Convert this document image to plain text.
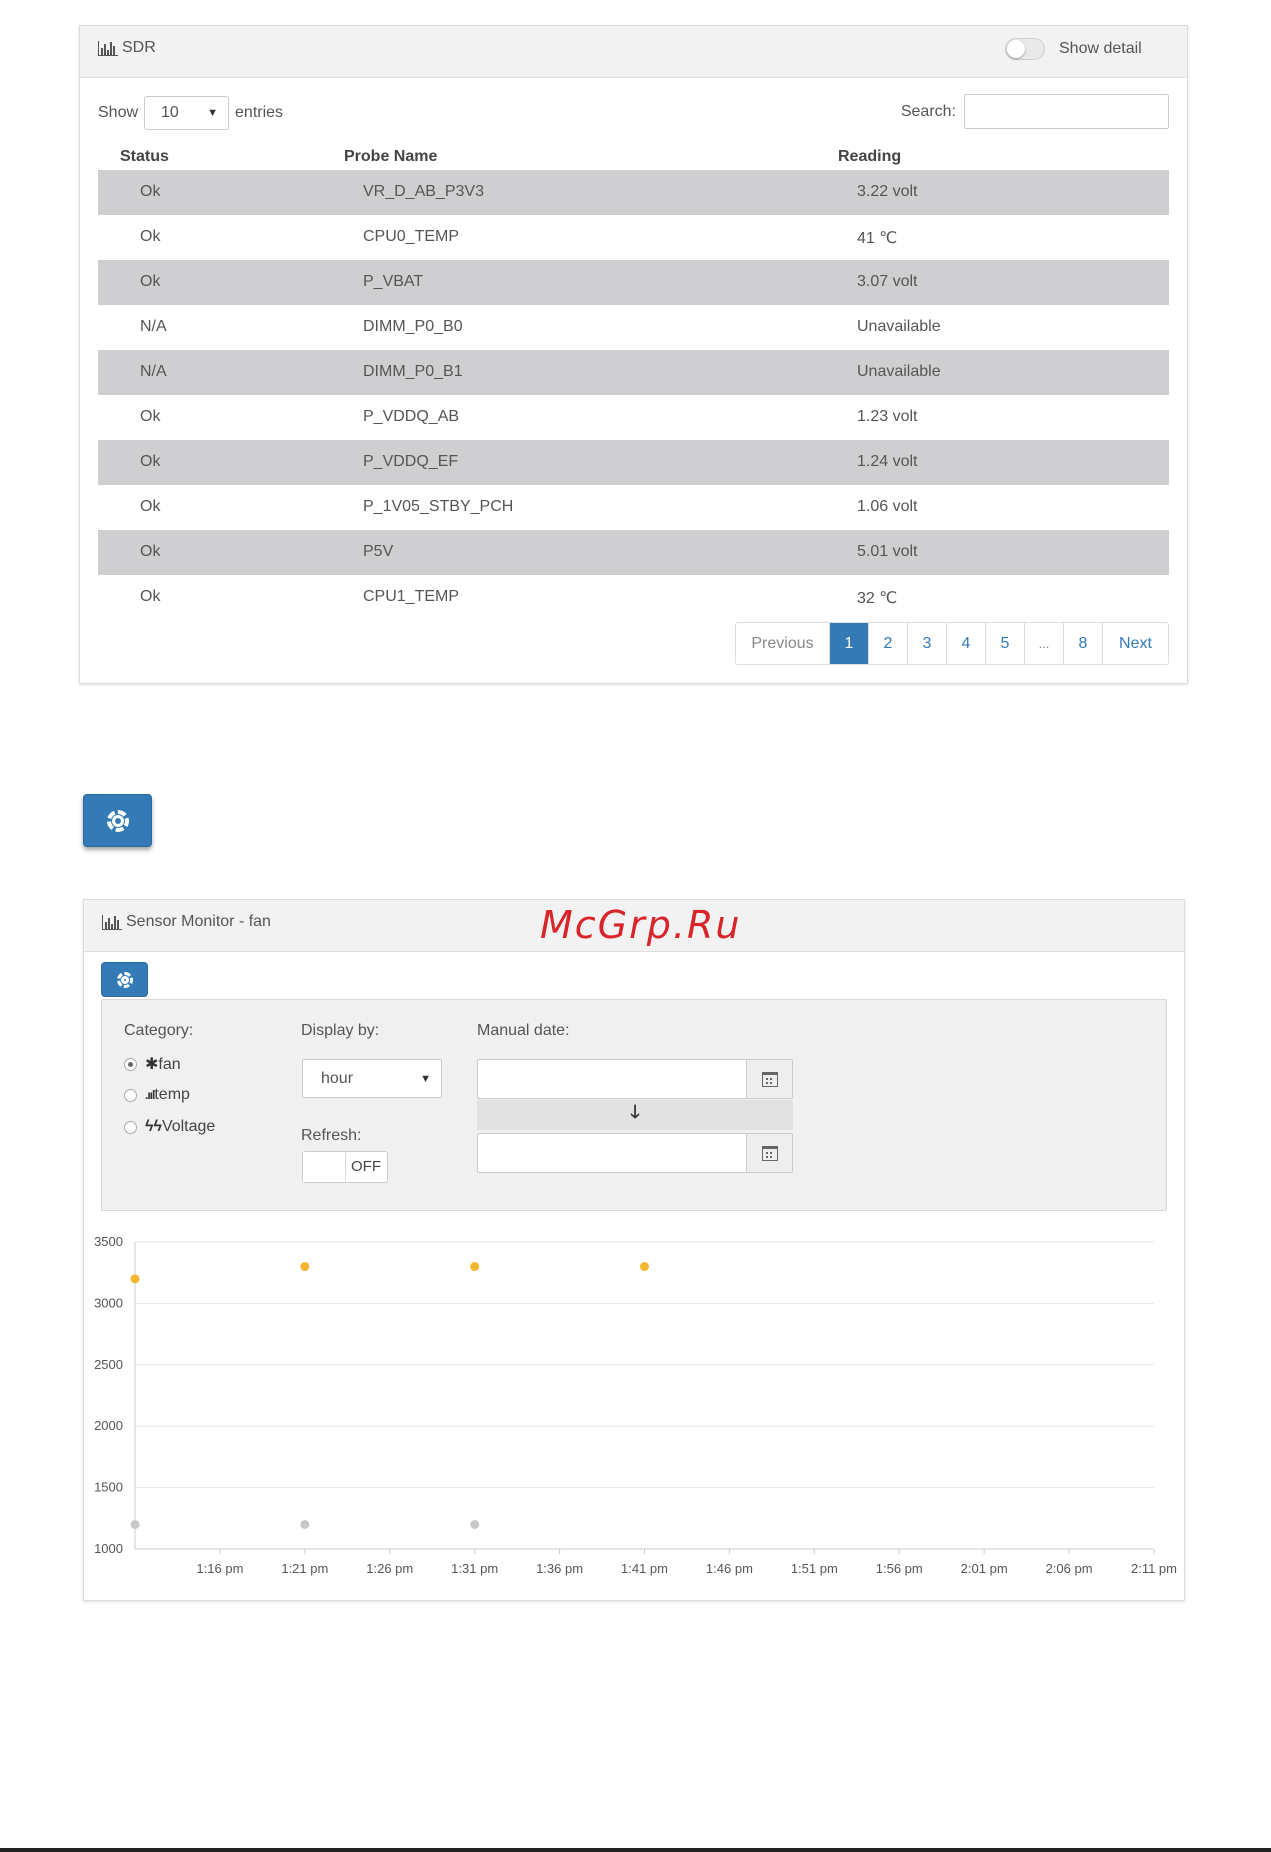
SDR	Show detail
Show 10	▼ entries	Search:
Status	Probe Name	Reading
Ok	VR_D_AB_P3V3	3.22 volt
Ok	CPU0_TEMP	41 ℃
Ok	P_VBAT	3.07 volt
N/A	DIMM_P0_B0	Unavailable
N/A	DIMM_P0_B1	Unavailable
Ok	P_VDDQ_AB	1.23 volt
Ok	P_VDDQ_EF	1.24 volt
Ok	P_1V05_STBY_PCH	1.06 volt
Ok	P5V	5.01 volt
Ok	CPU1_TEMP	32 ℃
Previous	1	2	3	4	5	...	8	Next
Sensor Monitor - fan
Category:
✱fan
.ııltemp
ϟϟVoltage
Display by:
hour	▼
Refresh:
OFF
Manual date:
🡓
1000
1500
2000
2500
3000
3500
1:16 pm	1:21 pm	1:26 pm	1:31 pm	1:36 pm	1:41 pm	1:46 pm	1:51 pm	1:56 pm	2:01 pm	2:06 pm	2:11 pm
McGrp.Ru
